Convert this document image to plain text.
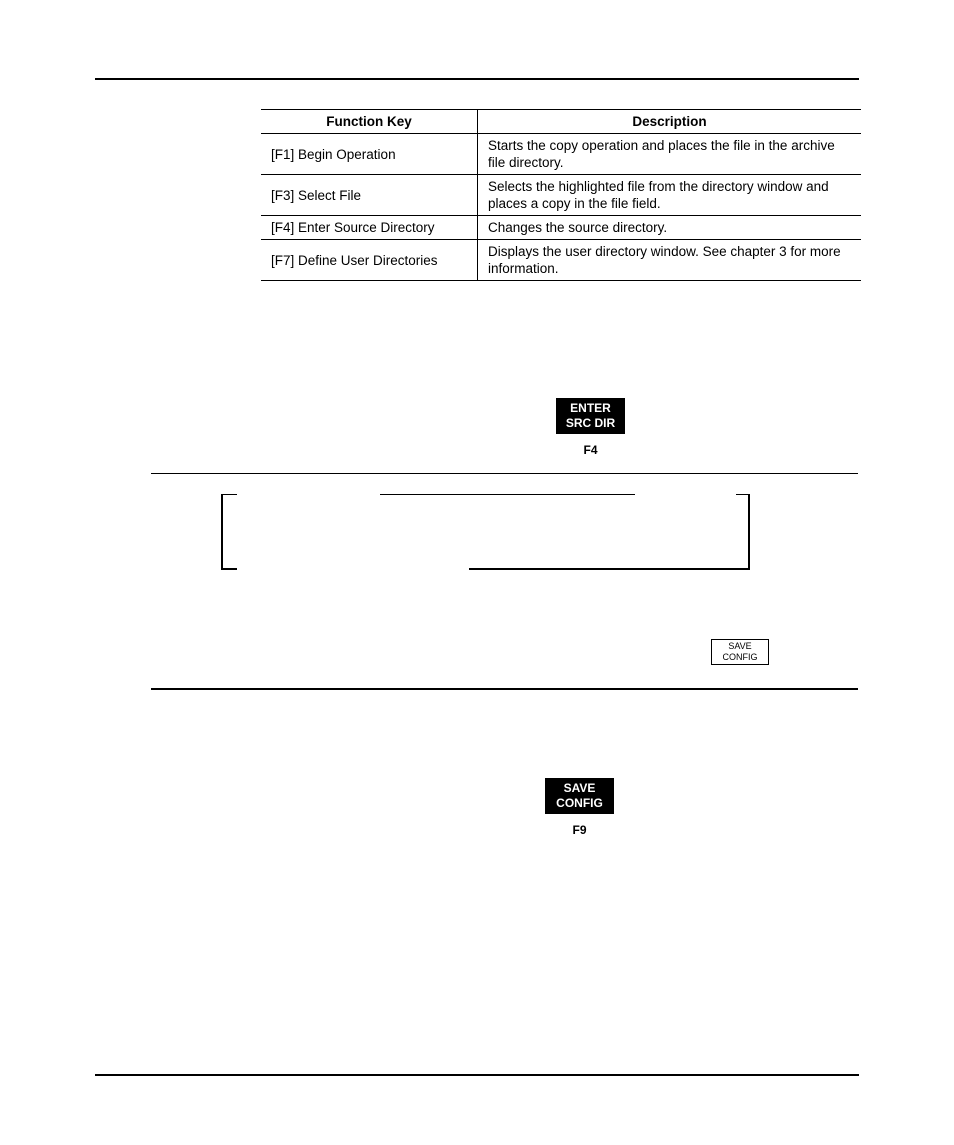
Function Key	Description
[F1] Begin Operation	Starts the copy operation and places the file in the archive file directory.
[F3] Select File	Selects the highlighted file from the directory window and places a copy in the file field.
[F4] Enter Source Directory	Changes the source directory.
[F7] Define User Directories	Displays the user directory window. See chapter 3 for more information.
ENTER
SRC DIR
F4
SAVE
CONFIG
SAVE
CONFIG
F9
